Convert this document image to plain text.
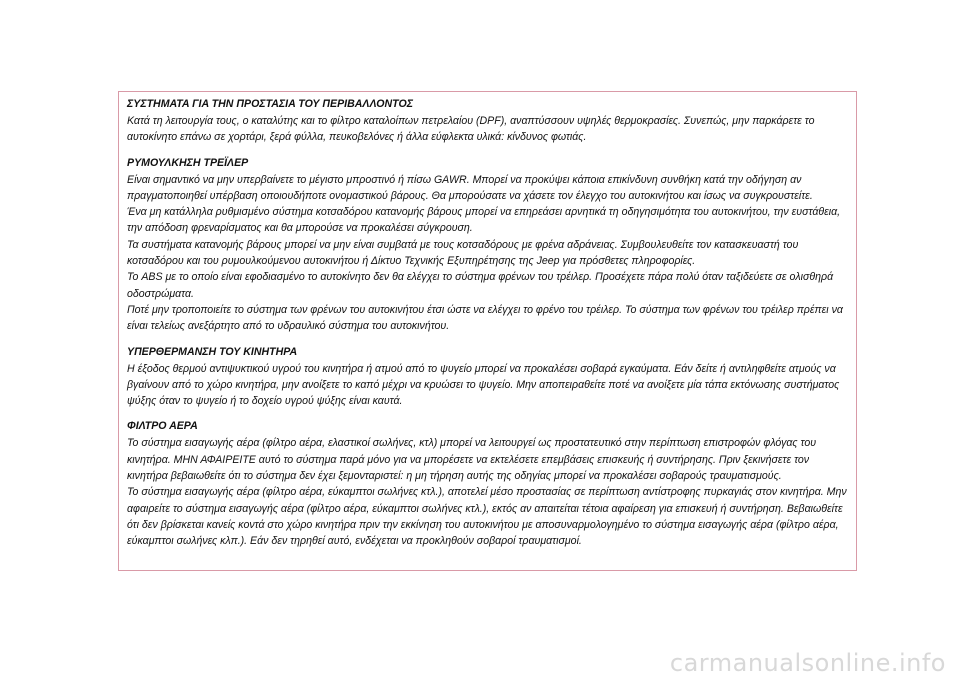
ΣΥΣΤΗΜΑΤΑ ΓΙΑ ΤΗΝ ΠΡΟΣΤΑΣΙΑ ΤΟΥ ΠΕΡΙΒΑΛΛΟΝΤΟΣ

Κατά τη λειτουργία τους, ο καταλύτης και το φίλτρο καταλοίπων πετρελαίου (DPF), αναπτύσσουν υψηλές θερμοκρασίες. Συνεπώς, μην παρκάρετε το αυτοκίνητο επάνω σε χορτάρι, ξερά φύλλα, πευκοβελόνες ή άλλα εύφλεκτα υλικά: κίνδυνος φωτιάς.

ΡΥΜΟΥΛΚΗΣΗ ΤΡΕΪΛΕΡ

Είναι σημαντικό να μην υπερβαίνετε το μέγιστο μπροστινό ή πίσω GAWR. Μπορεί να προκύψει κάποια επικίνδυνη συνθήκη κατά την οδήγηση αν πραγματοποιηθεί υπέρβαση οποιουδήποτε ονομαστικού βάρους. Θα μπορούσατε να χάσετε τον έλεγχο του αυτοκινήτου και ίσως να συγκρουστείτε.

Ένα μη κατάλληλα ρυθμισμένο σύστημα κοτσαδόρου κατανομής βάρους μπορεί να επηρεάσει αρνητικά τη οδηγησιμότητα του αυτοκινήτου, την ευστάθεια, την απόδοση φρεναρίσματος και θα μπορούσε να προκαλέσει σύγκρουση.

Τα συστήματα κατανομής βάρους μπορεί να μην είναι συμβατά με τους κοτσαδόρους με φρένα αδράνειας. Συμβουλευθείτε τον κατασκευαστή του κοτσαδόρου και του ρυμουλκούμενου αυτοκινήτου ή Δίκτυο Τεχνικής Εξυπηρέτησης της Jeep για πρόσθετες πληροφορίες.

Το ABS με το οποίο είναι εφοδιασμένο το αυτοκίνητο δεν θα ελέγχει το σύστημα φρένων του τρέιλερ. Προσέχετε πάρα πολύ όταν ταξιδεύετε σε ολισθηρά οδοστρώματα.

Ποτέ μην τροποποιείτε το σύστημα των φρένων του αυτοκινήτου έτσι ώστε να ελέγχει το φρένο του τρέιλερ. Το σύστημα των φρένων του τρέιλερ πρέπει να είναι τελείως ανεξάρτητο από το υδραυλικό σύστημα του αυτοκινήτου.

ΥΠΕΡΘΕΡΜΑΝΣΗ ΤΟΥ ΚΙΝΗΤΗΡΑ

Η έξοδος θερμού αντιψυκτικού υγρού του κινητήρα ή ατμού από το ψυγείο μπορεί να προκαλέσει σοβαρά εγκαύματα. Εάν δείτε ή αντιληφθείτε ατμούς να βγαίνουν από το χώρο κινητήρα, μην ανοίξετε το καπό μέχρι να κρυώσει το ψυγείο. Μην αποπειραθείτε ποτέ να ανοίξετε μία τάπα εκτόνωσης συστήματος ψύξης όταν το ψυγείο ή το δοχείο υγρού ψύξης είναι καυτά.

ΦΙΛΤΡΟ ΑΕΡΑ

Το σύστημα εισαγωγής αέρα (φίλτρο αέρα, ελαστικοί σωλήνες, κτλ) μπορεί να λειτουργεί ως προστατευτικό στην περίπτωση επιστροφών φλόγας του κινητήρα. ΜΗΝ ΑΦΑΙΡΕΙΤΕ αυτό το σύστημα παρά μόνο για να μπορέσετε να εκτελέσετε επεμβάσεις επισκευής ή συντήρησης. Πριν ξεκινήσετε τον κινητήρα βεβαιωθείτε ότι το σύστημα δεν έχει ξεμονταριστεί: η μη τήρηση αυτής της οδηγίας μπορεί να προκαλέσει σοβαρούς τραυματισμούς.

Το σύστημα εισαγωγής αέρα (φίλτρο αέρα, εύκαμπτοι σωλήνες κτλ.), αποτελεί μέσο προστασίας σε περίπτωση αντίστροφης πυρκαγιάς στον κινητήρα. Μην αφαιρείτε το σύστημα εισαγωγής αέρα (φίλτρο αέρα, εύκαμπτοι σωλήνες κτλ.), εκτός αν απαιτείται τέτοια αφαίρεση για επισκευή ή συντήρηση. Βεβαιωθείτε ότι δεν βρίσκεται κανείς κοντά στο χώρο κινητήρα πριν την εκκίνηση του αυτοκινήτου με αποσυναρμολογημένο το σύστημα εισαγωγής αέρα (φίλτρο αέρα, εύκαμπτοι σωλήνες κλπ.). Εάν δεν τηρηθεί αυτό, ενδέχεται να προκληθούν σοβαροί τραυματισμοί.

carmanualsonline.info
